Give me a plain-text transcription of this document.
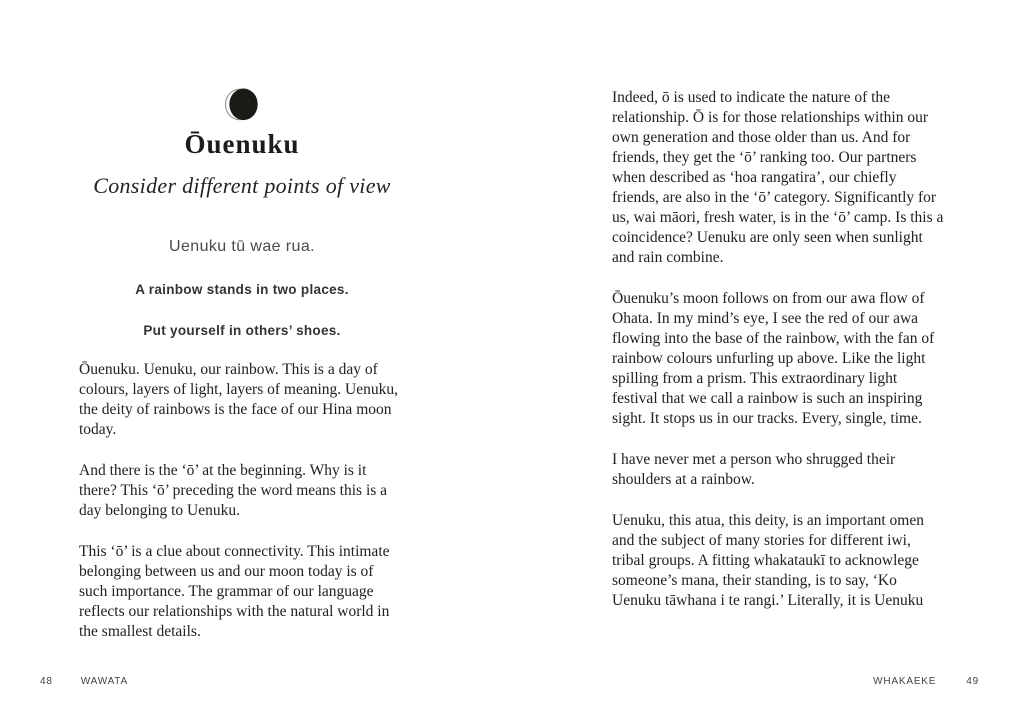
Ōuenuku
Consider different points of view
Uenuku tū wae rua.
A rainbow stands in two places.
Put yourself in others’ shoes.

Ōuenuku. Uenuku, our rainbow. This is a day of colours, layers of light, layers of meaning. Uenuku, the deity of rainbows is the face of our Hina moon today.

And there is the ‘ō’ at the beginning. Why is it there? This ‘ō’ preceding the word means this is a day belonging to Uenuku.

This ‘ō’ is a clue about connectivity. This intimate belonging between us and our moon today is of such importance. The grammar of our language reflects our relationships with the natural world in the smallest details.

Indeed, ō is used to indicate the nature of the relationship. Ō is for those relationships within our own generation and those older than us. And for friends, they get the ‘ō’ ranking too. Our partners when described as ‘hoa rangatira’, our chiefly friends, are also in the ‘ō’ category. Significantly for us, wai māori, fresh water, is in the ‘ō’ camp. Is this a coincidence? Uenuku are only seen when sunlight and rain combine.

Ōuenuku’s moon follows on from our awa flow of Ohata. In my mind’s eye, I see the red of our awa flowing into the base of the rainbow, with the fan of rainbow colours unfurling up above. Like the light spilling from a prism. This extraordinary light festival that we call a rainbow is such an inspiring sight. It stops us in our tracks. Every, single, time.

I have never met a person who shrugged their shoulders at a rainbow.

Uenuku, this atua, this deity, is an important omen and the subject of many stories for different iwi, tribal groups. A fitting whakataukī to acknowlege someone’s mana, their standing, is to say, ‘Ko Uenuku tāwhana i te rangi.’ Literally, it is Uenuku

48	WAWATA	WHAKAEKE	49
